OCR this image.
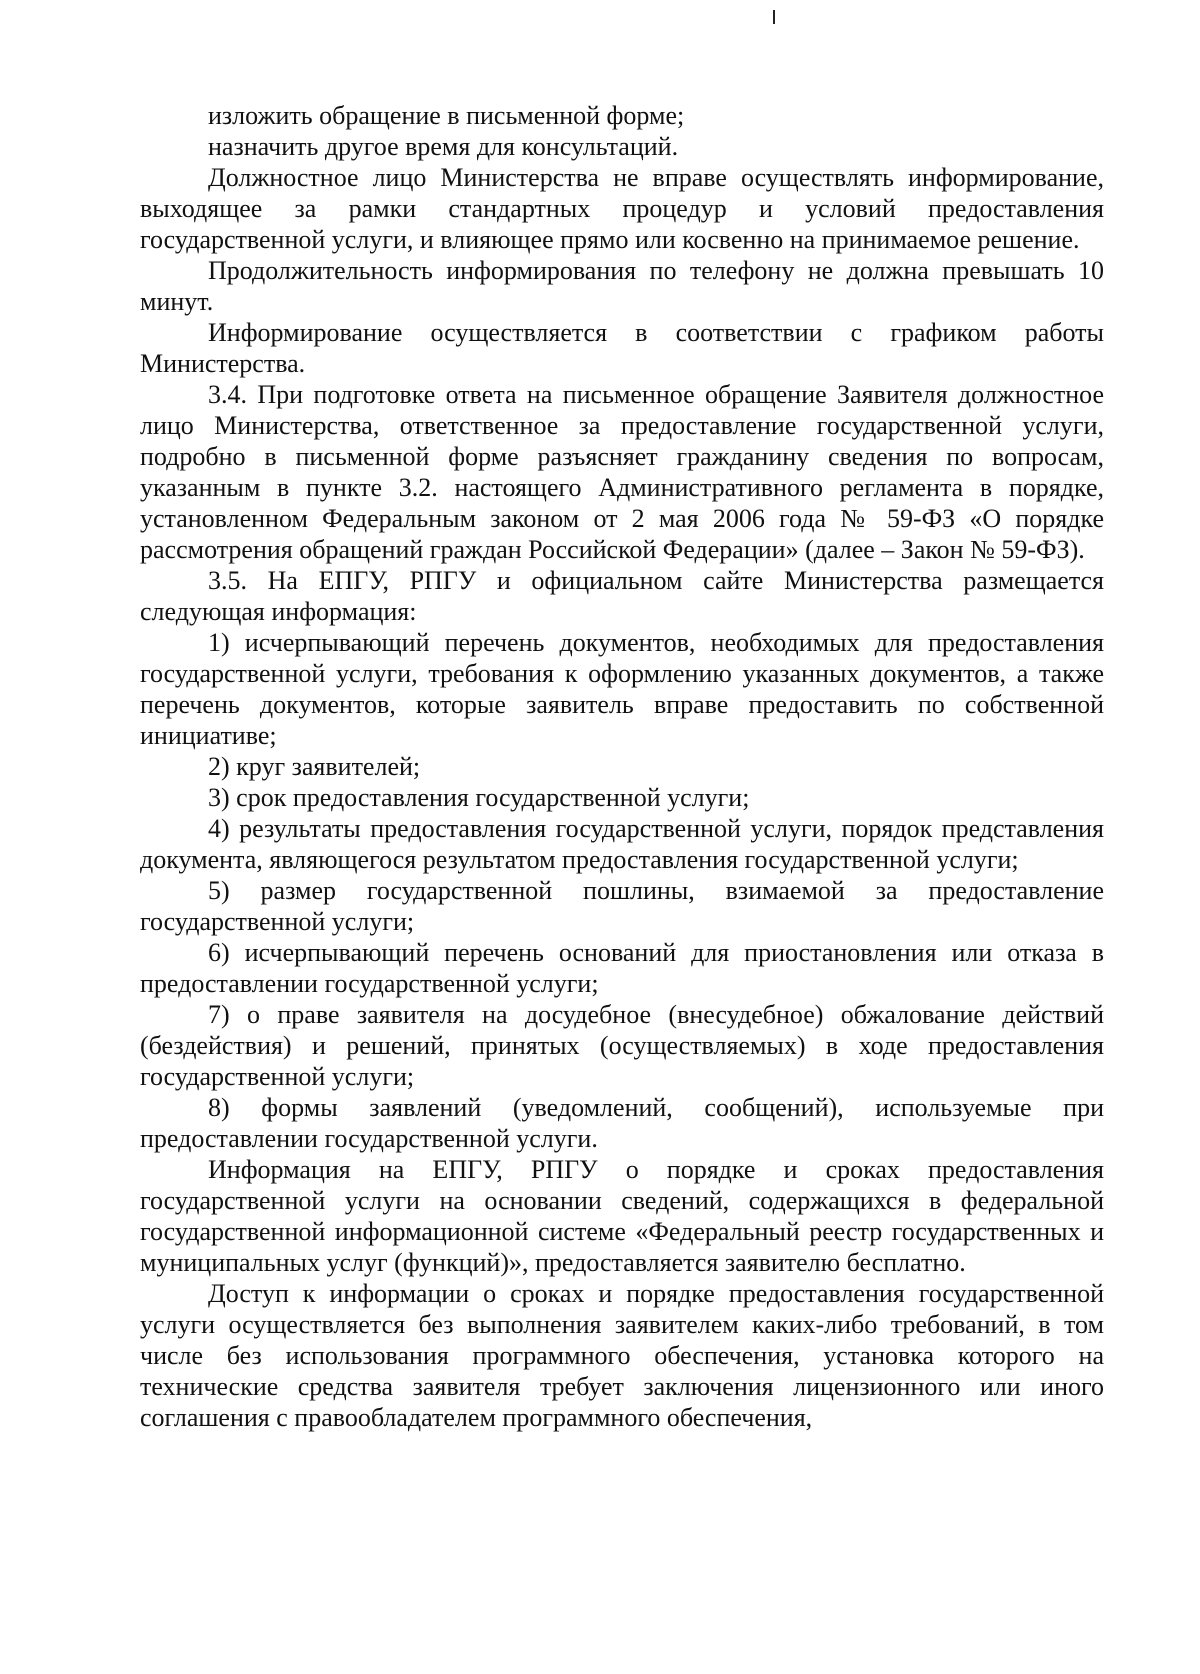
изложить обращение в письменной форме;

назначить другое время для консультаций.

Должностное лицо Министерства не вправе осуществлять информирование, выходящее за рамки стандартных процедур и условий предоставления государственной услуги, и влияющее прямо или косвенно на принимаемое решение.

Продолжительность информирования по телефону не должна превышать 10 минут.

Информирование осуществляется в соответствии с графиком работы Министерства.

3.4. При подготовке ответа на письменное обращение Заявителя должностное лицо Министерства, ответственное за предоставление государственной услуги, подробно в письменной форме разъясняет гражданину сведения по вопросам, указанным в пункте 3.2. настоящего Административного регламента в порядке, установленном Федеральным законом от 2 мая 2006 года № 59-ФЗ «О порядке рассмотрения обращений граждан Российской Федерации» (далее – Закон № 59-ФЗ).

3.5. На ЕПГУ, РПГУ и официальном сайте Министерства размещается следующая информация:

1) исчерпывающий перечень документов, необходимых для предоставления государственной услуги, требования к оформлению указанных документов, а также перечень документов, которые заявитель вправе предоставить по собственной инициативе;

2) круг заявителей;

3) срок предоставления государственной услуги;

4) результаты предоставления государственной услуги, порядок представления документа, являющегося результатом предоставления государственной услуги;

5) размер государственной пошлины, взимаемой за предоставление государственной услуги;

6) исчерпывающий перечень оснований для приостановления или отказа в предоставлении государственной услуги;

7) о праве заявителя на досудебное (внесудебное) обжалование действий (бездействия) и решений, принятых (осуществляемых) в ходе предоставления государственной услуги;

8) формы заявлений (уведомлений, сообщений), используемые при предоставлении государственной услуги.

Информация на ЕПГУ, РПГУ о порядке и сроках предоставления государственной услуги на основании сведений, содержащихся в федеральной государственной информационной системе «Федеральный реестр государственных и муниципальных услуг (функций)», предоставляется заявителю бесплатно.

Доступ к информации о сроках и порядке предоставления государственной услуги осуществляется без выполнения заявителем каких-либо требований, в том числе без использования программного обеспечения, установка которого на технические средства заявителя требует заключения лицензионного или иного соглашения с правообладателем программного обеспечения,
